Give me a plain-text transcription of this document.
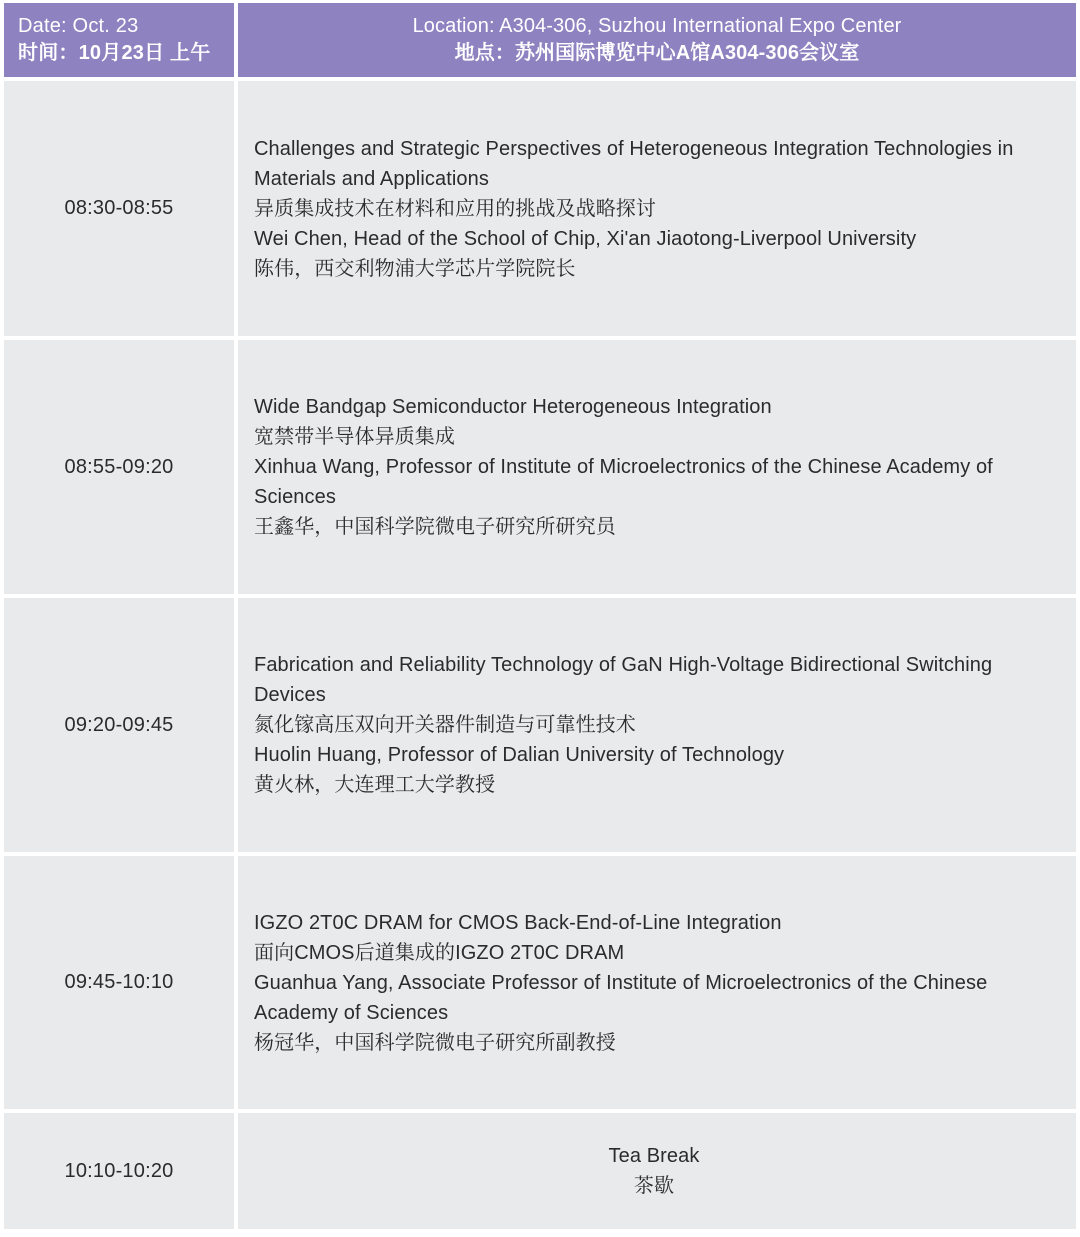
Date: Oct. 23
时间：10月23日 上午
Location: A304-306, Suzhou International Expo Center
地点：苏州国际博览中心A馆A304-306会议室
08:30-08:55
Challenges and Strategic Perspectives of Heterogeneous Integration Technologies in Materials and Applications
异质集成技术在材料和应用的挑战及战略探讨
Wei Chen, Head of the School of Chip, Xi'an Jiaotong-Liverpool University
陈伟，西交利物浦大学芯片学院院长
08:55-09:20
Wide Bandgap Semiconductor Heterogeneous Integration
宽禁带半导体异质集成
Xinhua Wang, Professor of Institute of Microelectronics of the Chinese Academy of Sciences
王鑫华，中国科学院微电子研究所研究员
09:20-09:45
Fabrication and Reliability Technology of GaN High-Voltage Bidirectional Switching Devices
氮化镓高压双向开关器件制造与可靠性技术
Huolin Huang, Professor of Dalian University of Technology
黄火林，大连理工大学教授
09:45-10:10
IGZO 2T0C DRAM for CMOS Back-End-of-Line Integration
面向CMOS后道集成的IGZO 2T0C DRAM
Guanhua Yang, Associate Professor of Institute of Microelectronics of the Chinese Academy of Sciences
杨冠华，中国科学院微电子研究所副教授
10:10-10:20
Tea Break
茶歇
